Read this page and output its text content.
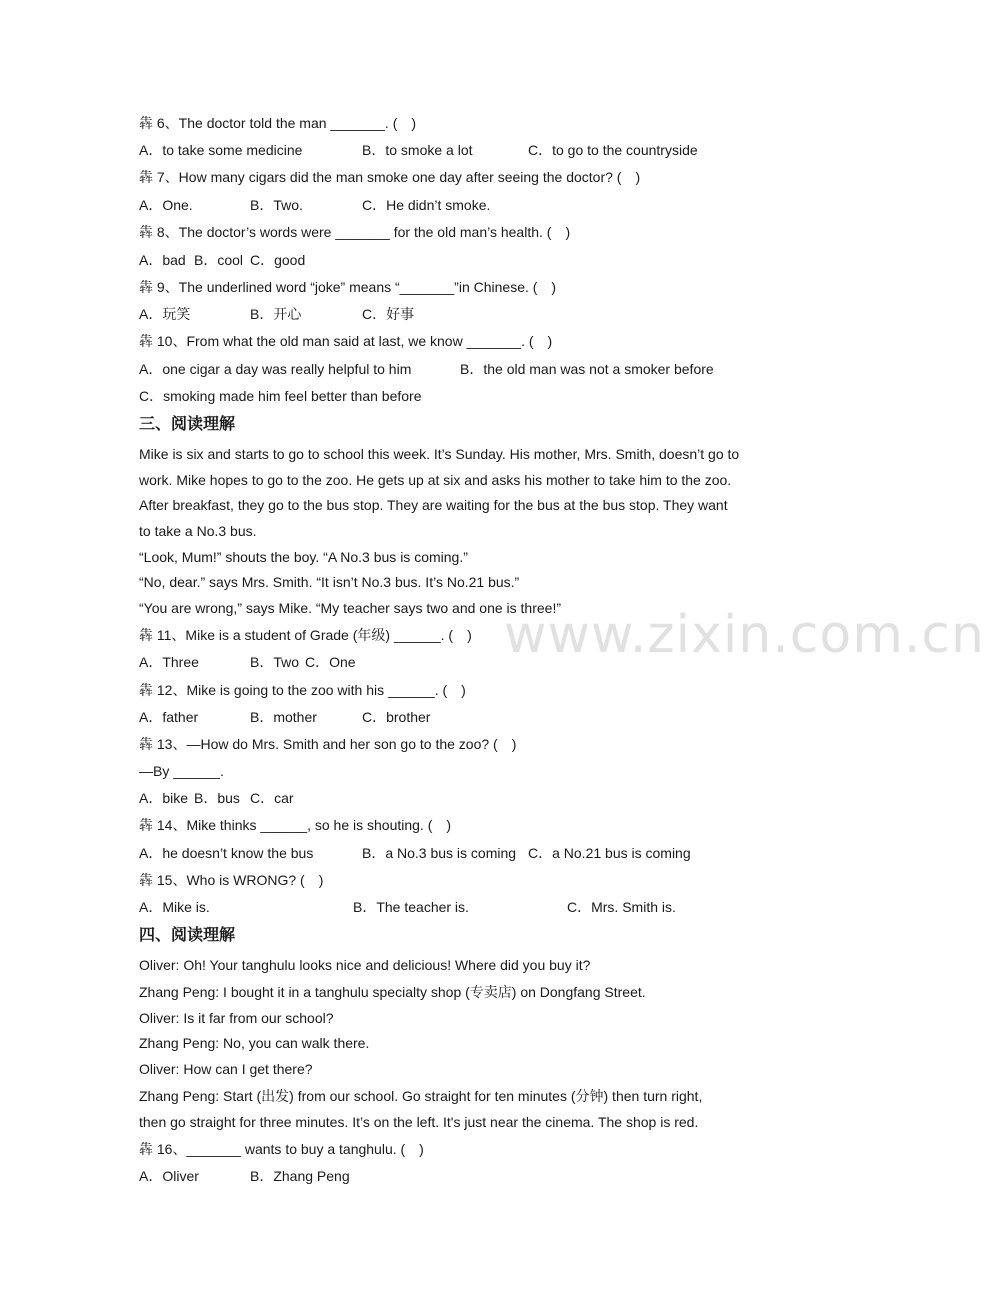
www.zixin.com.cn
犇 6、The doctor told the man _______. (　)
A．to take some medicine	B．to smoke a lot	C．to go to the countryside
犇 7、How many cigars did the man smoke one day after seeing the doctor? (　)
A．One.	B．Two.	C．He didn’t smoke.
犇 8、The doctor’s words were _______ for the old man’s health. (　)
A．bad B．cool C．good
犇 9、The underlined word “joke” means “_______”in Chinese. (　)
A．玩笑	B．开心	C．好事
犇 10、From what the old man said at last, we know _______. (　)
A．one cigar a day was really helpful to him	B．the old man was not a smoker before
C．smoking made him feel better than before
三、阅读理解
Mike is six and starts to go to school this week. It’s Sunday. His mother, Mrs. Smith, doesn’t go to
work. Mike hopes to go to the zoo. He gets up at six and asks his mother to take him to the zoo.
After breakfast, they go to the bus stop. They are waiting for the bus at the bus stop. They want
to take a No.3 bus.
“Look, Mum!” shouts the boy. “A No.3 bus is coming.”
“No, dear.” says Mrs. Smith. “It isn’t No.3 bus. It’s No.21 bus.”
“You are wrong,” says Mike. “My teacher says two and one is three!”
犇 11、Mike is a student of Grade (年级) ______. (　)
A．Three	B．Two C．One
犇 12、Mike is going to the zoo with his ______. (　)
A．father	B．mother	C．brother
犇 13、—How do Mrs. Smith and her son go to the zoo? (　)
—By ______.
A．bike B．bus C．car
犇 14、Mike thinks ______, so he is shouting. (　)
A．he doesn’t know the bus	B．a No.3 bus is coming C．a No.21 bus is coming
犇 15、Who is WRONG? (　)
A．Mike is.	B．The teacher is.	C．Mrs. Smith is.
四、阅读理解
Oliver: Oh! Your tanghulu looks nice and delicious! Where did you buy it?
Zhang Peng: I bought it in a tanghulu specialty shop (专卖店) on Dongfang Street.
Oliver: Is it far from our school?
Zhang Peng: No, you can walk there.
Oliver: How can I get there?
Zhang Peng: Start (出发) from our school. Go straight for ten minutes (分钟) then turn right,
then go straight for three minutes. It’s on the left. It's just near the cinema. The shop is red.
犇 16、_______ wants to buy a tanghulu. (　)
A．Oliver	B．Zhang Peng
